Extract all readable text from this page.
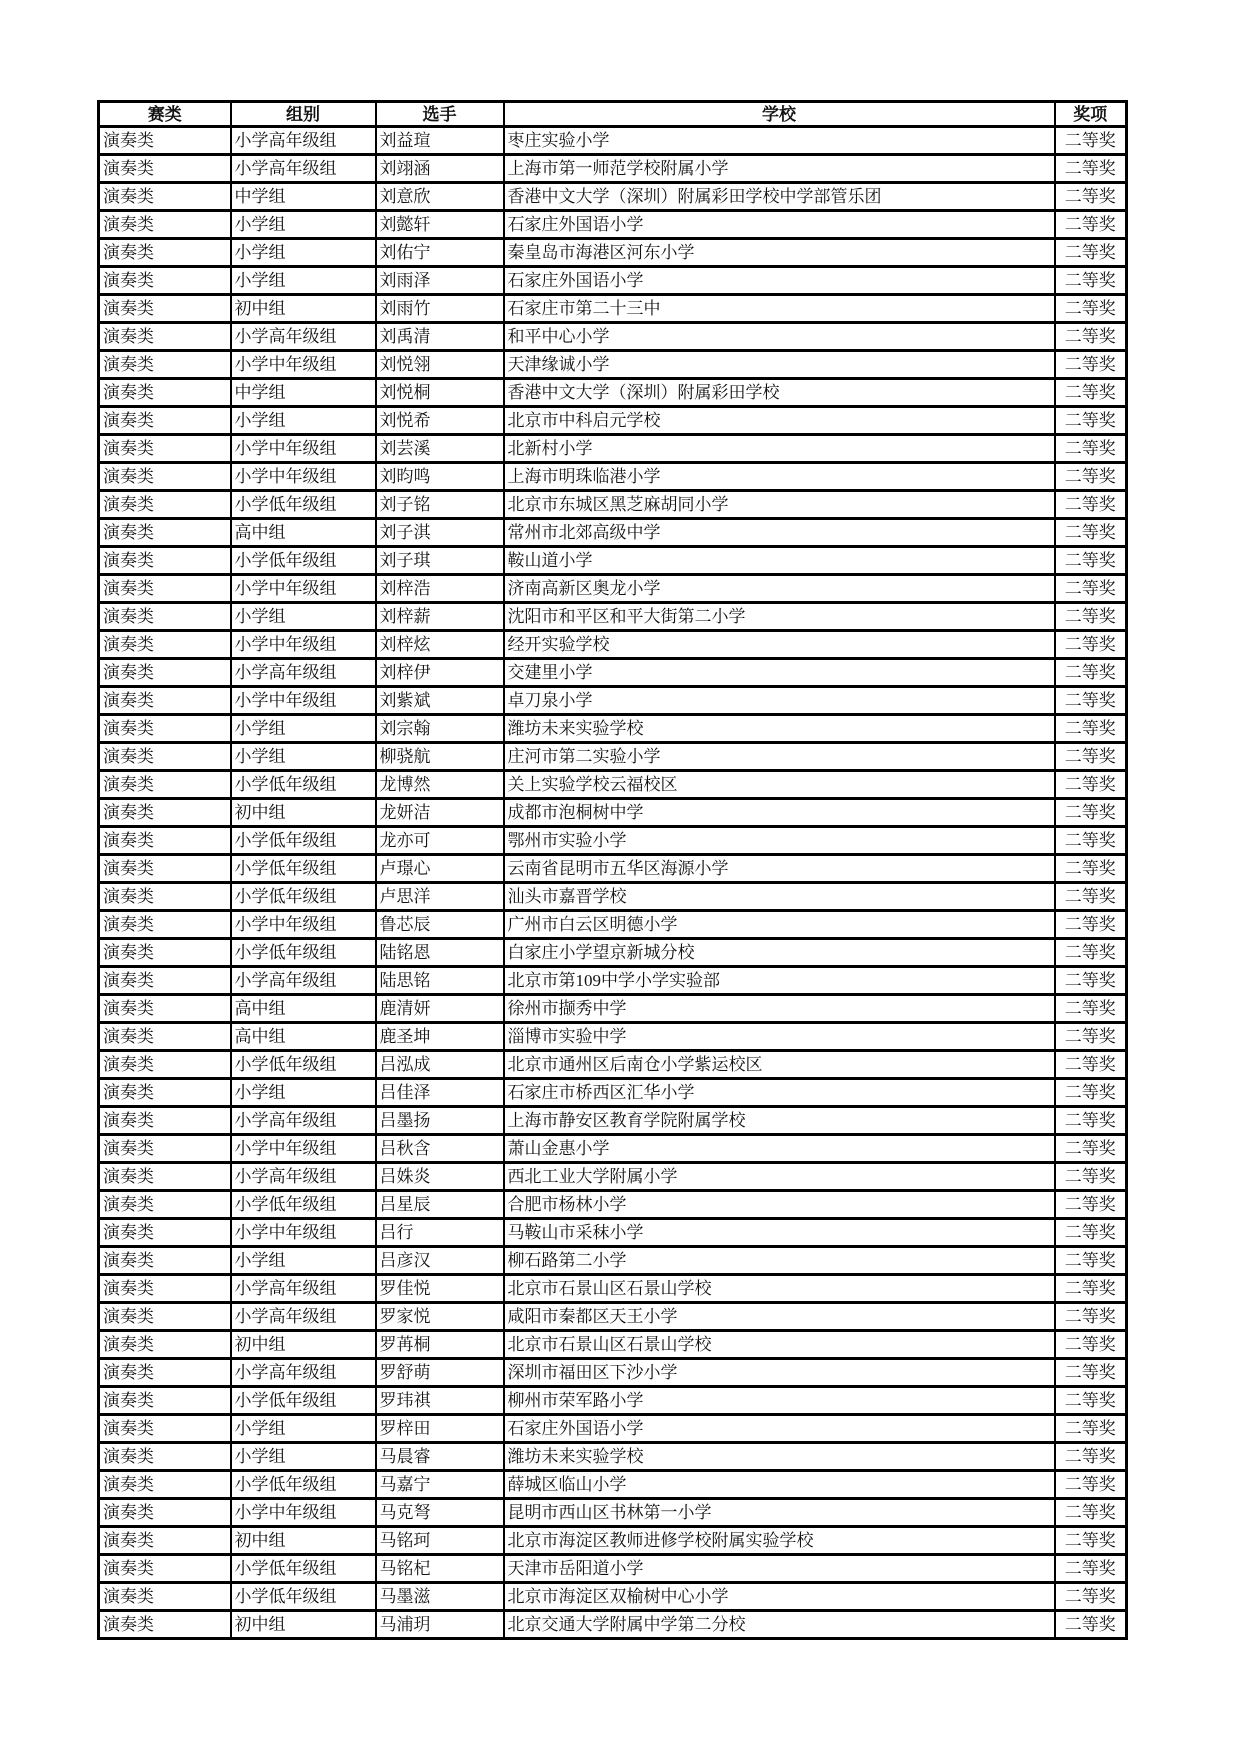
赛类	组别	选手	学校	奖项
演奏类	小学高年级组	刘益瑄	枣庄实验小学	二等奖
演奏类	小学高年级组	刘翊涵	上海市第一师范学校附属小学	二等奖
演奏类	中学组	刘意欣	香港中文大学（深圳）附属彩田学校中学部管乐团	二等奖
演奏类	小学组	刘懿轩	石家庄外国语小学	二等奖
演奏类	小学组	刘佑宁	秦皇岛市海港区河东小学	二等奖
演奏类	小学组	刘雨泽	石家庄外国语小学	二等奖
演奏类	初中组	刘雨竹	石家庄市第二十三中	二等奖
演奏类	小学高年级组	刘禹清	和平中心小学	二等奖
演奏类	小学中年级组	刘悦翎	天津缘诚小学	二等奖
演奏类	中学组	刘悦桐	香港中文大学（深圳）附属彩田学校	二等奖
演奏类	小学组	刘悦希	北京市中科启元学校	二等奖
演奏类	小学中年级组	刘芸溪	北新村小学	二等奖
演奏类	小学中年级组	刘昀鸣	上海市明珠临港小学	二等奖
演奏类	小学低年级组	刘子铭	北京市东城区黑芝麻胡同小学	二等奖
演奏类	高中组	刘子淇	常州市北郊高级中学	二等奖
演奏类	小学低年级组	刘子琪	鞍山道小学	二等奖
演奏类	小学中年级组	刘梓浩	济南高新区奥龙小学	二等奖
演奏类	小学组	刘梓薪	沈阳市和平区和平大街第二小学	二等奖
演奏类	小学中年级组	刘梓炫	经开实验学校	二等奖
演奏类	小学高年级组	刘梓伊	交建里小学	二等奖
演奏类	小学中年级组	刘紫斌	卓刀泉小学	二等奖
演奏类	小学组	刘宗翰	潍坊未来实验学校	二等奖
演奏类	小学组	柳骁航	庄河市第二实验小学	二等奖
演奏类	小学低年级组	龙博然	关上实验学校云福校区	二等奖
演奏类	初中组	龙妍洁	成都市泡桐树中学	二等奖
演奏类	小学低年级组	龙亦可	鄂州市实验小学	二等奖
演奏类	小学低年级组	卢璟心	云南省昆明市五华区海源小学	二等奖
演奏类	小学低年级组	卢思洋	汕头市嘉晋学校	二等奖
演奏类	小学中年级组	鲁芯辰	广州市白云区明德小学	二等奖
演奏类	小学低年级组	陆铭恩	白家庄小学望京新城分校	二等奖
演奏类	小学高年级组	陆思铭	北京市第109中学小学实验部	二等奖
演奏类	高中组	鹿清妍	徐州市撷秀中学	二等奖
演奏类	高中组	鹿圣坤	淄博市实验中学	二等奖
演奏类	小学低年级组	吕泓成	北京市通州区后南仓小学紫运校区	二等奖
演奏类	小学组	吕佳泽	石家庄市桥西区汇华小学	二等奖
演奏类	小学高年级组	吕墨扬	上海市静安区教育学院附属学校	二等奖
演奏类	小学中年级组	吕秋含	萧山金惠小学	二等奖
演奏类	小学高年级组	吕姝炎	西北工业大学附属小学	二等奖
演奏类	小学低年级组	吕星辰	合肥市杨林小学	二等奖
演奏类	小学中年级组	吕行	马鞍山市采秣小学	二等奖
演奏类	小学组	吕彦汉	柳石路第二小学	二等奖
演奏类	小学高年级组	罗佳悦	北京市石景山区石景山学校	二等奖
演奏类	小学高年级组	罗家悦	咸阳市秦都区天王小学	二等奖
演奏类	初中组	罗苒桐	北京市石景山区石景山学校	二等奖
演奏类	小学高年级组	罗舒萌	深圳市福田区下沙小学	二等奖
演奏类	小学低年级组	罗玮祺	柳州市荣军路小学	二等奖
演奏类	小学组	罗梓田	石家庄外国语小学	二等奖
演奏类	小学组	马晨睿	潍坊未来实验学校	二等奖
演奏类	小学低年级组	马嘉宁	薛城区临山小学	二等奖
演奏类	小学中年级组	马克弩	昆明市西山区书林第一小学	二等奖
演奏类	初中组	马铭珂	北京市海淀区教师进修学校附属实验学校	二等奖
演奏类	小学低年级组	马铭杞	天津市岳阳道小学	二等奖
演奏类	小学低年级组	马墨滋	北京市海淀区双榆树中心小学	二等奖
演奏类	初中组	马浦玥	北京交通大学附属中学第二分校	二等奖
